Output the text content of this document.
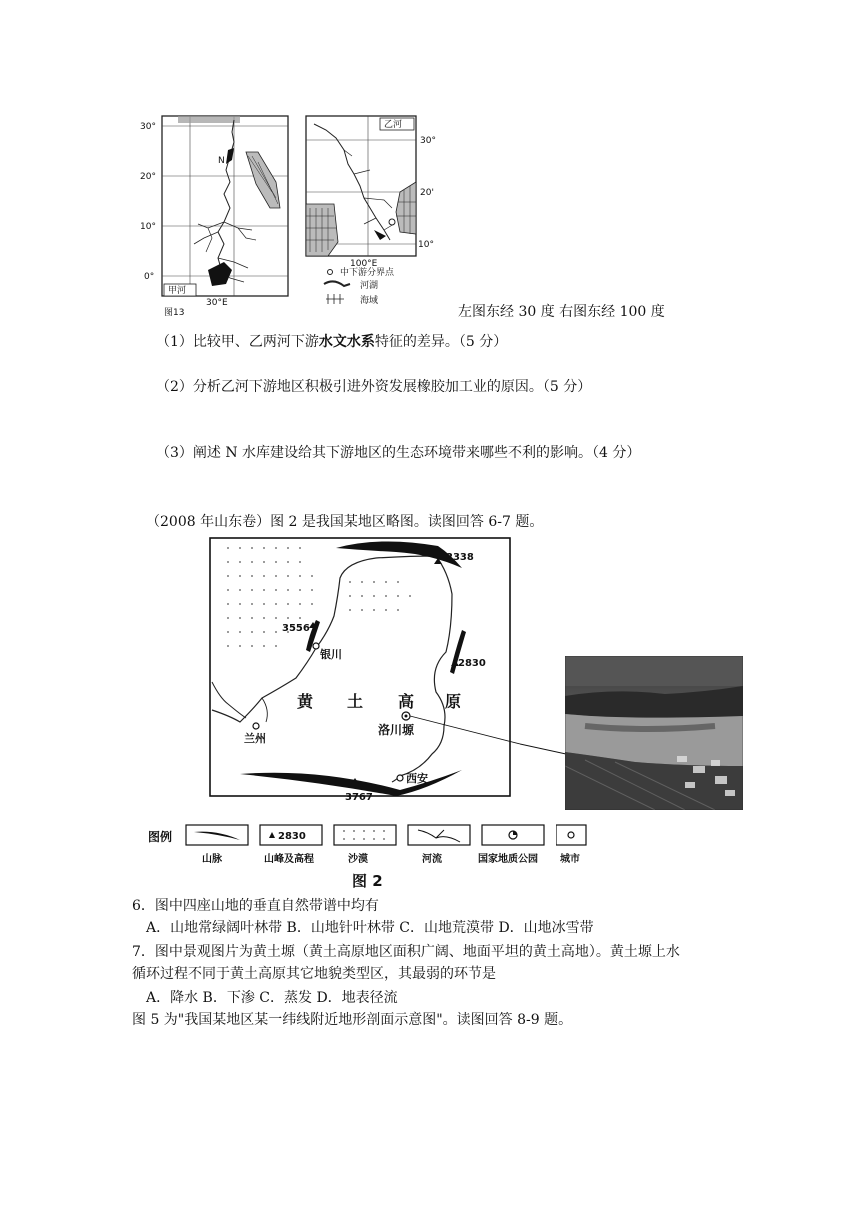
30°
20°
10°
0°
N
甲河
30°E
图13
乙河
30°
20'
10°
100°E
中下游分界点
河湖
海域
左图东经 30 度 右图东经 100 度
（1）比较甲、乙两河下游水文水系特征的差异。（5 分）
（2）分析乙河下游地区积极引进外资发展橡胶加工业的原因。（5 分）
（3）阐述 N 水库建设给其下游地区的生态环境带来哪些不利的影响。（4 分）
（2008 年山东卷）图 2 是我国某地区略图。读图回答 6-7 题。
2338
3556
2830
3767
银川
兰州
西安
洛川塬
黄 土 高 原
图例	2830
山脉	山峰及高程	沙漠	河流	国家地质公园 城市
图 2
6．图中四座山地的垂直自然带谱中均有
A．山地常绿阔叶林带 B．山地针叶林带 C．山地荒漠带 D．山地冰雪带
7．图中景观图片为黄土塬（黄土高原地区面积广阔、地面平坦的黄土高地）。黄土塬上水
循环过程不同于黄土高原其它地貌类型区，其最弱的环节是
A．降水 B．下渗 C．蒸发 D．地表径流
图 5 为"我国某地区某一纬线附近地形剖面示意图"。读图回答 8-9 题。
